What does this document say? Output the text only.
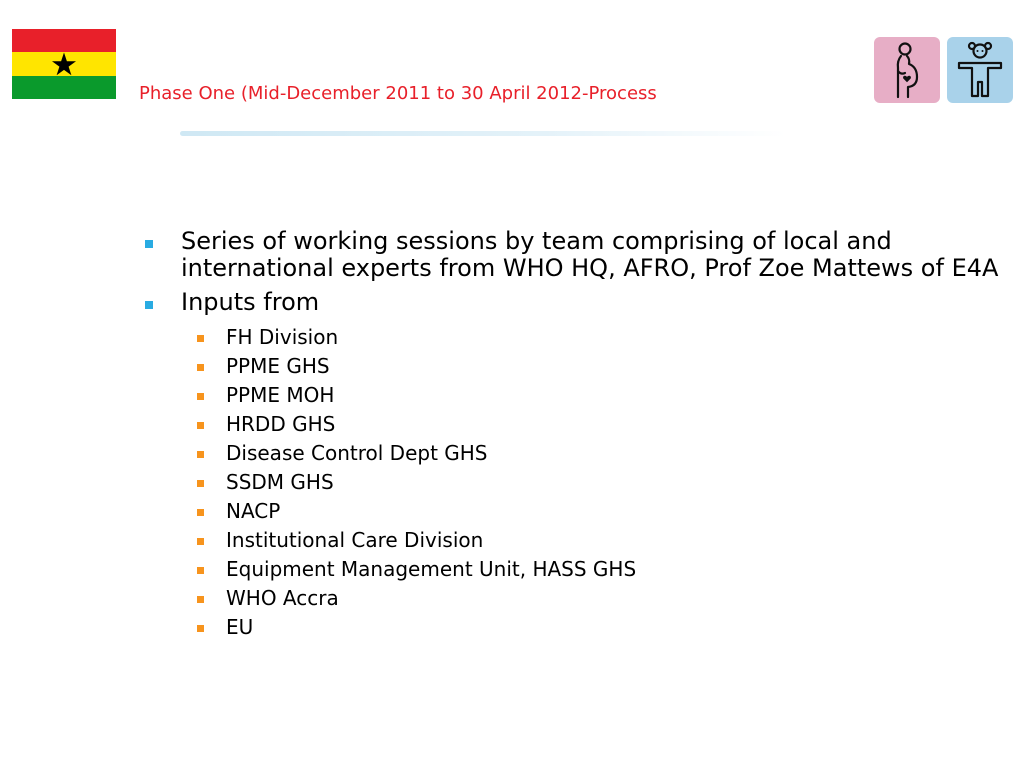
Phase One (Mid-December 2011 to 30 April 2012-Process
Series of working sessions by team comprising of local and international experts from WHO HQ, AFRO, Prof Zoe Mattews of E4A
Inputs from
FH Division
PPME GHS
PPME MOH
HRDD GHS
Disease Control Dept GHS
SSDM GHS
NACP
Institutional Care Division
Equipment Management Unit, HASS GHS
WHO Accra
EU
